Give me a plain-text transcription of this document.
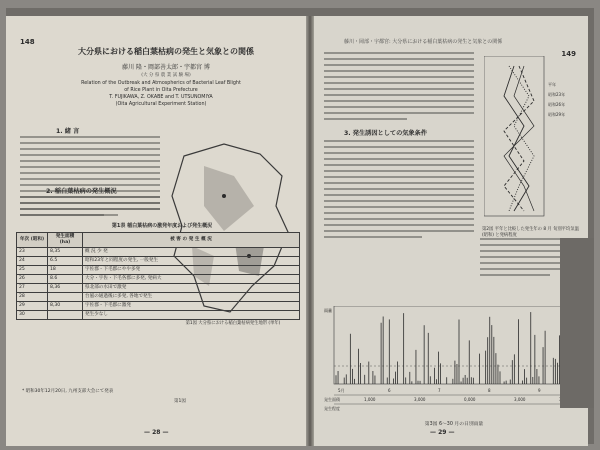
148
大分県における稲白葉枯病の発生と気象との関係
藤川 隆・岡部善太郎・宇都宮 博
(大 分 県 農 業 試 験 場)
Relation of the Outbreak and Atmospherics of Bacterial Leaf Blight
of Rice Plant in Oita Prefecture
T. FUJIKAWA, Z. OKABE and T. UTSUNOMIYA
(Oita Agricultural Experiment Station)
1. 緒 言
2. 稲白葉枯病の発生概況
第1表 稲白葉枯病の激発年度および発生概況
年次 (昭和)	発生面積 (ha)	被 害 の 発 生 概 況
23	8,35	概 況 少 発
24	6.5	昭和23年と同程度の発生, 一般発生
25	18	宇佐郡・下毛郡にやや多発
26	8.6	大分・宇佐・下毛各郡に多発, 発病大
27	8,36	県北部の水田で激発
28		台風の通過後に多発, 各地で発生
29	8,30	宇佐郡・下毛郡に激発
30		発生少なし
第1図 大分県における稲白葉枯病発生地帯 (単年)
* 昭和30年12月20日, 九州支部大会にて発表
第1図
— 28 —
藤川・岡部・宇都宮: 大分県における稲白葉枯病の発生と気象との関係
149
3. 発生誘因としての気象条件
平年
昭和23年
昭和26年
昭和29年
第2図 平年と比較した発生年の 8 月 旬別平均気温 (昭和) と発病程度
雨量
5月	6	7	8	9
発生面積
発生程度
1,000	3,000	0,000	3,000
第3図 6〜30 月の日別雨量
— 29 —
